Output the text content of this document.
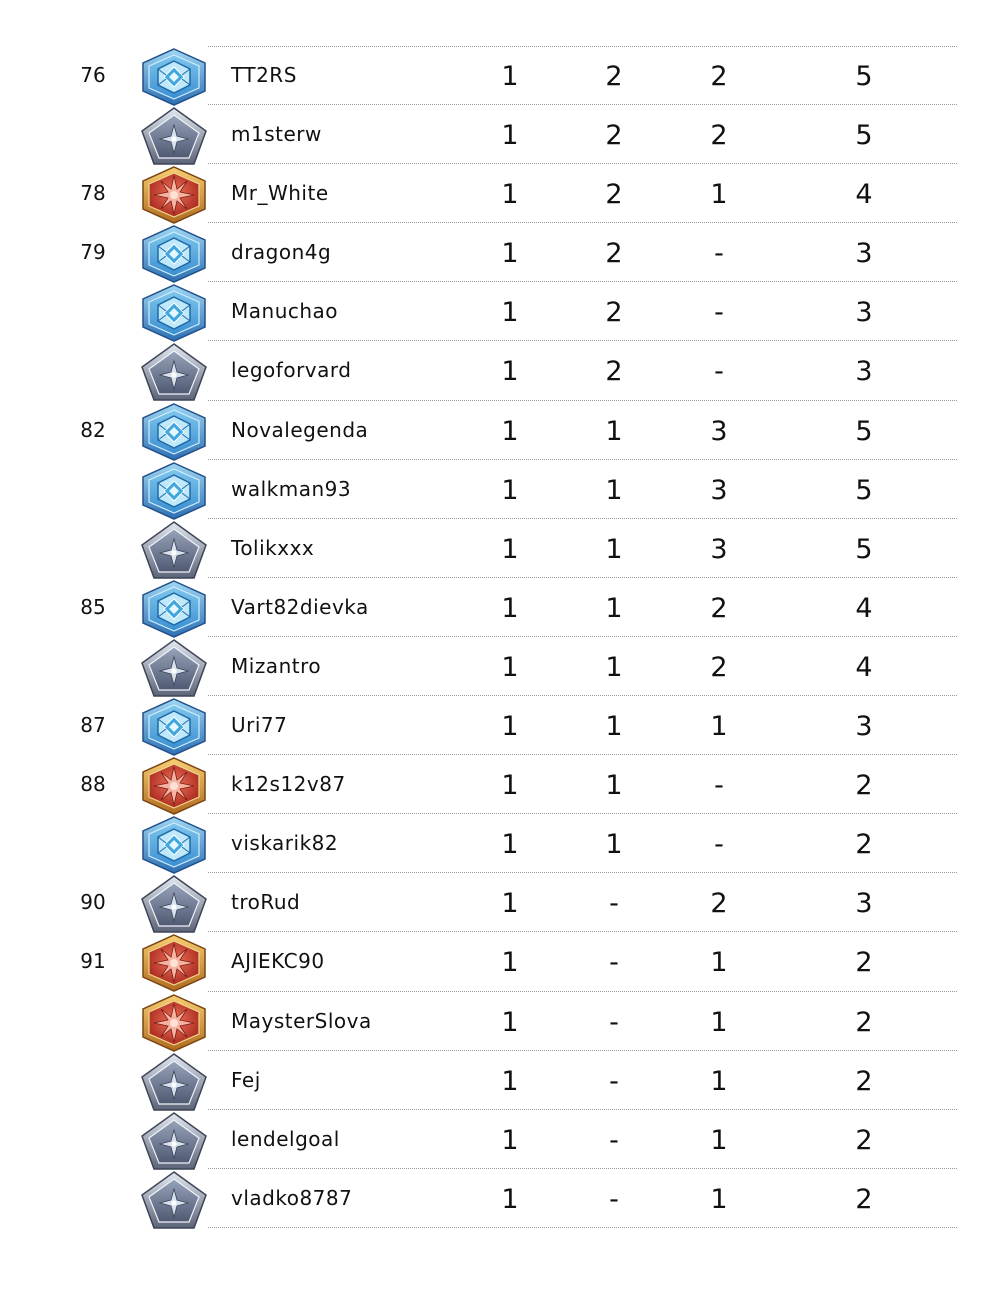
76	TT2RS	1	2	2	5
m1sterw	1	2	2	5
78	Mr_White	1	2	1	4
79	dragon4g	1	2	-	3
Manuchao	1	2	-	3
legoforvard	1	2	-	3
82	Novalegenda	1	1	3	5
walkman93	1	1	3	5
Tolikxxx	1	1	3	5
85	Vart82dievka	1	1	2	4
Mizantro	1	1	2	4
87	Uri77	1	1	1	3
88	k12s12v87	1	1	-	2
viskarik82	1	1	-	2
90	troRud	1	-	2	3
91	AJIEKC90	1	-	1	2
MaysterSlova	1	-	1	2
Fej	1	-	1	2
lendelgoal	1	-	1	2
vladko8787	1	-	1	2
